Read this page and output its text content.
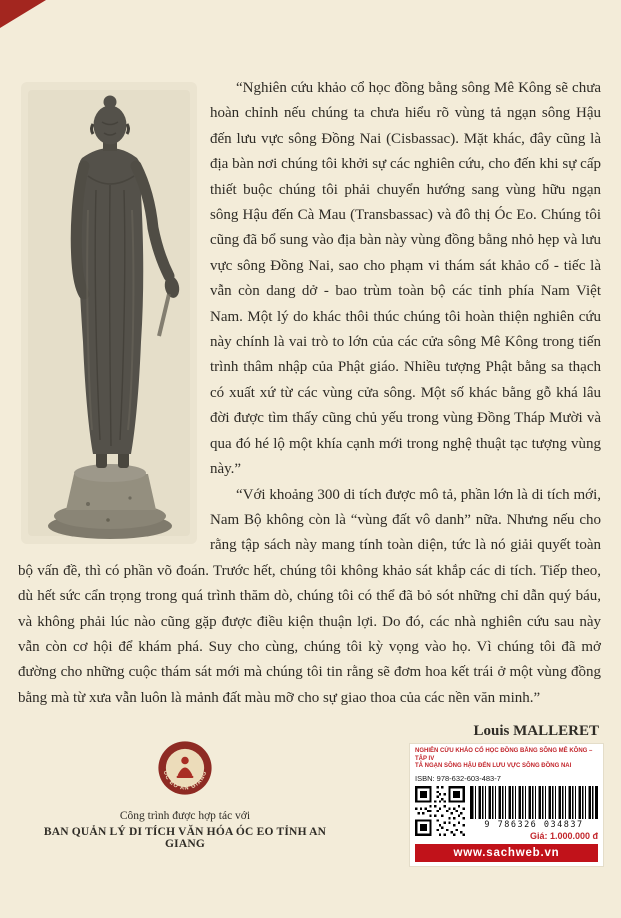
“Nghiên cứu khảo cổ học đồng bằng sông Mê Kông sẽ chưa hoàn chỉnh nếu chúng ta chưa hiểu rõ vùng tả ngạn sông Hậu đến lưu vực sông Đồng Nai (Cisbassac). Mặt khác, đây cũng là địa bàn nơi chúng tôi khởi sự các nghiên cứu, cho đến khi sự cấp thiết buộc chúng tôi phải chuyển hướng sang vùng hữu ngạn sông Hậu đến Cà Mau (Transbassac) và đô thị Óc Eo. Chúng tôi cũng đã bổ sung vào địa bàn này vùng đồng bằng nhỏ hẹp và lưu vực sông Đồng Nai, sao cho phạm vi thám sát khảo cổ - tiếc là vẫn còn dang dở - bao trùm toàn bộ các tỉnh phía Nam Việt Nam. Một lý do khác thôi thúc chúng tôi hoàn thiện nghiên cứu này chính là vai trò to lớn của các cửa sông Mê Kông trong tiến trình thâm nhập của Phật giáo. Nhiều tượng Phật bằng sa thạch có xuất xứ từ các vùng cửa sông. Một số khác bằng gỗ khá lâu đời được tìm thấy cũng chủ yếu trong vùng Đồng Tháp Mười và qua đó hé lộ một khía cạnh mới trong nghệ thuật tạc tượng vùng này.”

“Với khoảng 300 di tích được mô tả, phần lớn là di tích mới, Nam Bộ không còn là “vùng đất vô danh” nữa. Nhưng nếu cho rằng tập sách này mang tính toàn diện, tức là nó giải quyết toàn bộ vấn đề, thì có phần võ đoán. Trước hết, chúng tôi không khảo sát khắp các di tích. Tiếp theo, dù hết sức cẩn trọng trong quá trình thăm dò, chúng tôi có thể đã bỏ sót những chỉ dẫn quý báu, và không phải lúc nào cũng gặp được điều kiện thuận lợi. Do đó, các nhà nghiên cứu sau này vẫn còn cơ hội để khám phá. Suy cho cùng, chúng tôi kỳ vọng vào họ. Vì chúng tôi đã mở đường cho những cuộc thám sát mới mà chúng tôi tin rằng sẽ đơm hoa kết trái ở một vùng đồng bằng mà từ xưa vẫn luôn là mảnh đất màu mỡ cho sự giao thoa của các nền văn minh.”

Louis MALLERET

ÓC EO AN GIANG
Công trình được hợp tác với
BAN QUẢN LÝ DI TÍCH VĂN HÓA ÓC EO TỈNH AN GIANG
NGHIÊN CỨU KHẢO CỔ HỌC ĐỒNG BẰNG SÔNG MÊ KÔNG – TẬP IV
TẢ NGẠN SÔNG HẬU ĐẾN LƯU VỰC SÔNG ĐỒNG NAI
ISBN: 978-632-603-483-7
9 786326 034837
Giá: 1.000.000 đ
www.sachweb.vn
